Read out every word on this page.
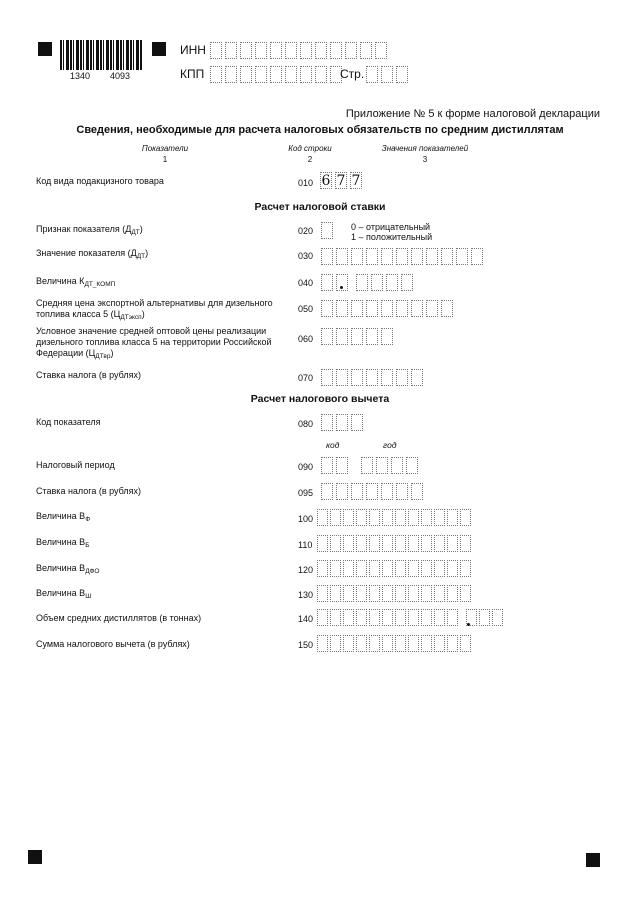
1340 4093
ИНН
КПП	Стр.
Приложение № 5 к форме налоговой декларации
Сведения, необходимые для расчета налоговых обязательств по средним дистиллятам
Показатели	Код строки	Значения показателей
1	2	3
Код вида подакцизного товара	010 6 7 7
Расчет налоговой ставки
Признак показателя $(Д_{ДТ})$	020	0 – отрицательный
1 – положительный
Значение показателя $(Д_{ДТ})$	030
Величина $К_{ДТ\_КОМП}$	040
Средняя цена экспортной альтернативы для дизельного
топлива класса 5 $(Ц_{ДТэксп})$	050
Условное значение средней оптовой цены реализации
дизельного топлива класса 5 на территории Российской
Федерации $(Ц_{ДТвр})$
060
Ставка налога (в рублях)	070
Расчет налогового вычета
Код показателя	080
код	год
Налоговый период	090
Ставка налога (в рублях)	095
Величина $В_Ф$	100
Величина $В_Б$	110
Величина $В_{ДФО}$	120
Величина $В_Ш$	130
Объем средних дистиллятов (в тоннах)	140
Сумма налогового вычета (в рублях)	150
